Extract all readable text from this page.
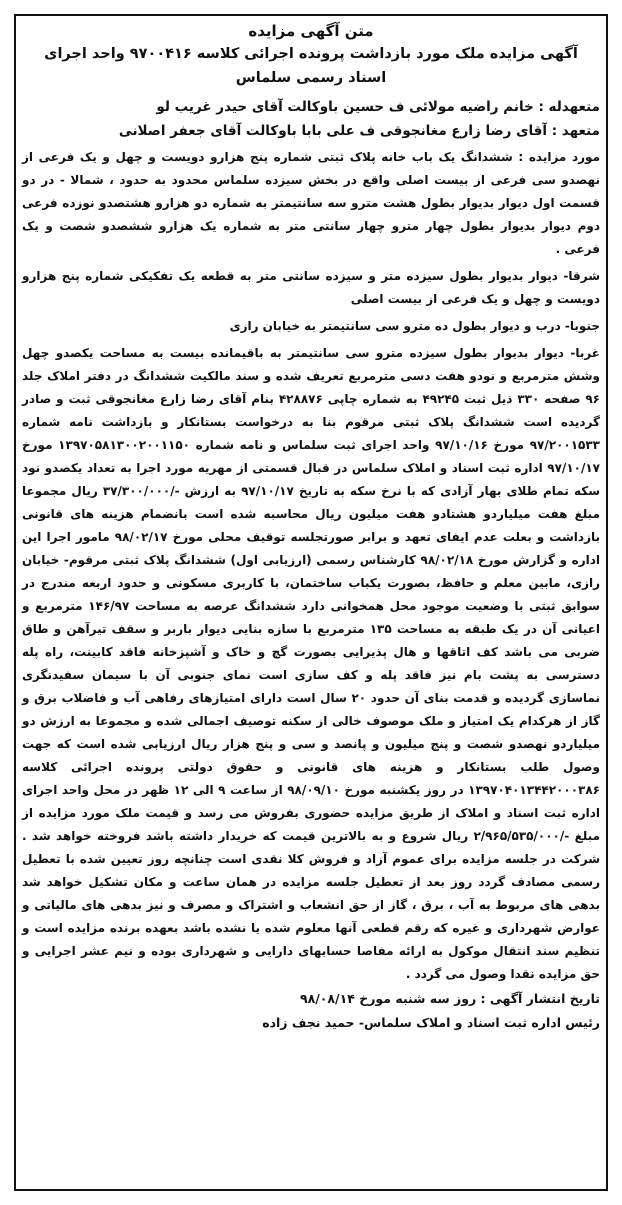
متن آگهی مزایده

آگهی مزایده ملک مورد بازداشت پرونده اجرائی کلاسه ۹۷۰۰۴۱۶ واحد اجرای

اسناد رسمی سلماس

متعهدله : خانم راضیه مولائی ف حسین باوکالت آقای حیدر غریب لو

متعهد : آقای رضا زارع مغانجوقی ف علی بابا باوکالت آقای جعفر اصلانی

مورد مزایده : ششدانگ یک باب خانه پلاک ثبتی شماره پنج هزارو دویست و چهل و یک فرعی از نهصدو سی فرعی از بیست اصلی واقع در بخش سیزده سلماس محدود به حدود ، شمالا - در دو قسمت اول دیوار بدیوار بطول هشت مترو سه سانتیمتر به شماره دو هزارو هشتصدو نوزده فرعی دوم دیوار بدیوار بطول چهار مترو چهار سانتی متر به شماره یک هزارو ششصدو شصت و یک فرعی .

شرقا- دیوار بدیوار بطول سیزده متر و سیزده سانتی متر به قطعه یک تفکیکی شماره پنج هزارو دویست و چهل و یک فرعی از بیست اصلی

جنوبا- درب و دیوار بطول ده مترو سی سانتیمتر به خیابان رازی

غربا- دیوار بدیوار بطول سیزده مترو سی سانتیمتر به باقیمانده بیست به مساحت یکصدو چهل وشش مترمربع و نودو هفت دسی مترمربع تعریف شده و سند مالکیت ششدانگ در دفتر املاک جلد ۹۶ صفحه ۳۳۰ ذیل ثبت ۴۹۲۴۵ به شماره چاپی ۴۲۸۸۷۶ بنام آقای رضا زارع مغانجوقی ثبت و صادر گردیده است ششدانگ پلاک ثبتی مرقوم بنا به درخواست بستانکار و بازداشت نامه شماره ۹۷/۲۰۰۱۵۳۳ مورخ ۹۷/۱۰/۱۶ واحد اجرای ثبت سلماس و نامه شماره ۱۳۹۷۰۵۸۱۳۰۰۲۰۰۱۱۵۰ مورخ ۹۷/۱۰/۱۷ اداره ثبت اسناد و املاک سلماس در قبال قسمتی از مهریه مورد اجرا به تعداد یکصدو نود سکه تمام طلای بهار آزادی که با نرخ سکه به تاریخ ۹۷/۱۰/۱۷ به ارزش -/۳۷/۳۰۰/۰۰۰ ریال مجموعا مبلغ هفت میلیاردو هشتادو هفت میلیون ریال محاسبه شده است بانضمام هزینه های قانونی بازداشت و بعلت عدم ایفای تعهد و برابر صورتجلسه توقیف محلی مورخ ۹۸/۰۲/۱۷ مامور اجرا این اداره و گزارش مورخ ۹۸/۰۲/۱۸ کارشناس رسمی (ارزیابی اول) ششدانگ پلاک ثبتی مرقوم- خیابان رازی، مابین معلم و حافظ، بصورت یکباب ساختمان، با کاربری مسکونی و حدود اربعه مندرج در سوابق ثبتی با وضعیت موجود محل همخوانی دارد ششدانگ عرصه به مساحت ۱۴۶/۹۷ مترمربع و اعیانی آن در یک طبقه به مساحت ۱۳۵ مترمربع با سازه بنایی دیوار باربر و سقف تیرآهن و طاق ضربی می باشد کف اتاقها و هال پذیرایی بصورت گچ و خاک و آشپزخانه فاقد کابینت، راه پله دسترسی به پشت بام نیز فاقد پله و کف سازی است نمای جنوبی آن با سیمان سفیدنگری نماسازی گردیده و قدمت بنای آن حدود ۲۰ سال است دارای امتیازهای رفاهی آب و فاضلاب برق و گاز از هرکدام یک امتیاز و ملک موصوف خالی از سکنه توصیف اجمالی شده و مجموعا به ارزش دو میلیاردو نهصدو شصت و پنج میلیون و پانصد و سی و پنج هزار ریال ارزیابی شده است که جهت وصول طلب بستانکار و هزینه های قانونی و حقوق دولتی پرونده اجرائی کلاسه ۱۳۹۷۰۴۰۱۳۴۴۲۰۰۰۳۸۶ در روز یکشنبه مورخ ۹۸/۰۹/۱۰ از ساعت ۹ الی ۱۲ ظهر در محل واحد اجرای اداره ثبت اسناد و املاک از طریق مزایده حضوری بفروش می رسد و قیمت ملک مورد مزایده از مبلغ -/۲/۹۶۵/۵۳۵/۰۰۰ ریال شروع و به بالاترین قیمت که خریدار داشته باشد فروخته خواهد شد . شرکت در جلسه مزایده برای عموم آزاد و فروش کلا نقدی است چنانچه روز تعیین شده با تعطیل رسمی مصادف گردد روز بعد از تعطیل جلسه مزایده در همان ساعت و مکان تشکیل خواهد شد بدهی های مربوط به آب ، برق ، گاز از حق انشعاب و اشتراک و مصرف و نیز بدهی های مالیاتی و عوارض شهرداری و غیره که رقم قطعی آنها معلوم شده یا نشده باشد بعهده برنده مزایده است و تنظیم سند انتقال موکول به ارائه مفاصا حسابهای دارایی و شهرداری بوده و نیم عشر اجرایی و حق مزایده نقدا وصول می گردد .

تاریخ انتشار آگهی : روز سه شنبه مورخ ۹۸/۰۸/۱۴

رئیس اداره ثبت اسناد و املاک سلماس- حمید نجف زاده
